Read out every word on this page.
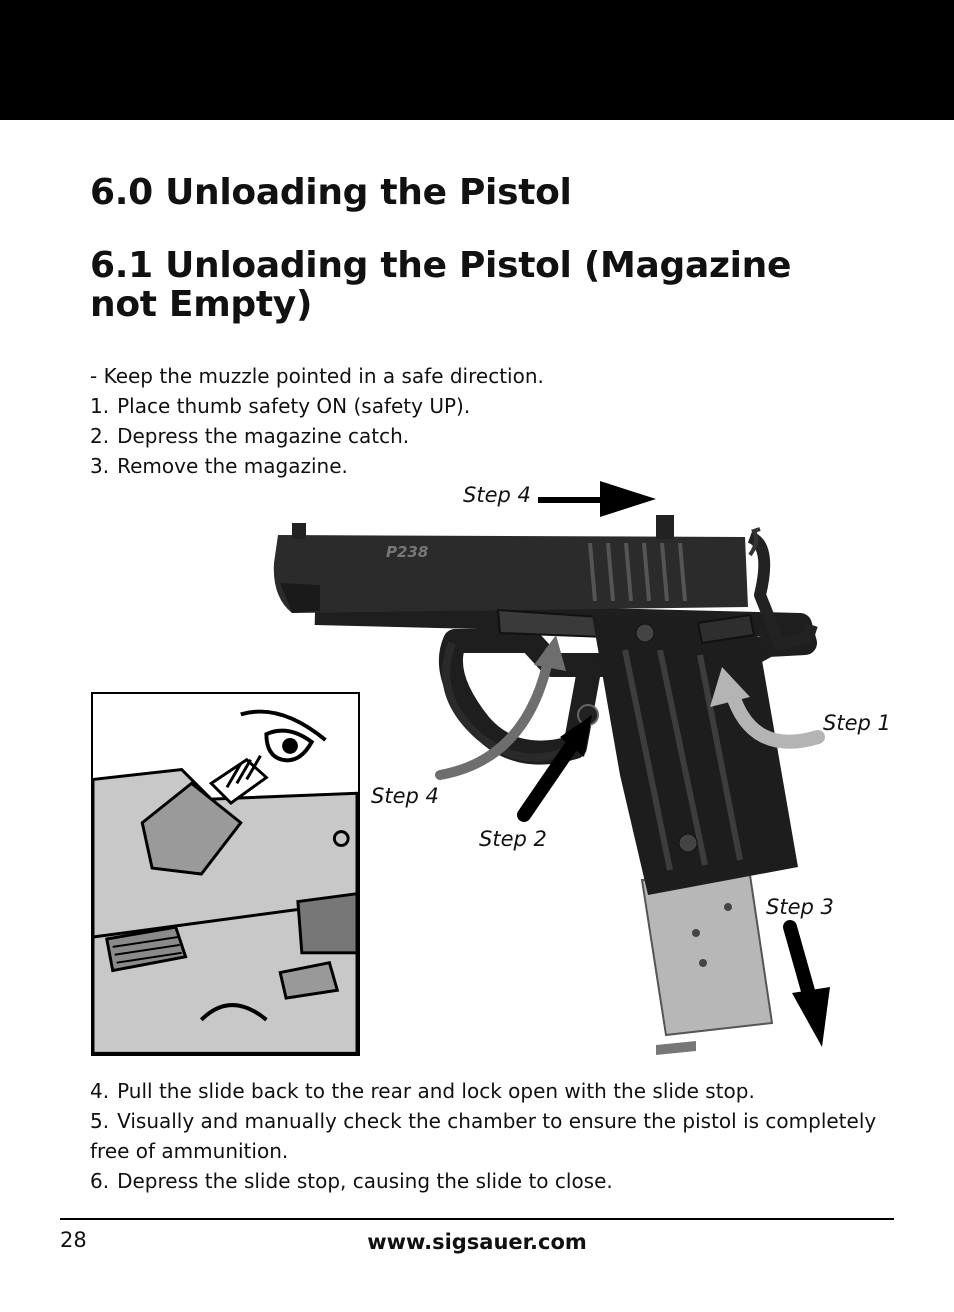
6.0 Unloading the Pistol
6.1 Unloading the Pistol (Magazine not Empty)
- Keep the muzzle pointed in a safe direction.
1. Place thumb safety ON (safety UP).
2. Depress the magazine catch.
3. Remove the magazine.
P238
Step 4
Step 1
Step 4
Step 2
Step 3
4. Pull the slide back to the rear and lock open with the slide stop.
5. Visually and manually check the chamber to ensure the pistol is completely free of ammunition.
6. Depress the slide stop, causing the slide to close.
28	www.sigsauer.com
